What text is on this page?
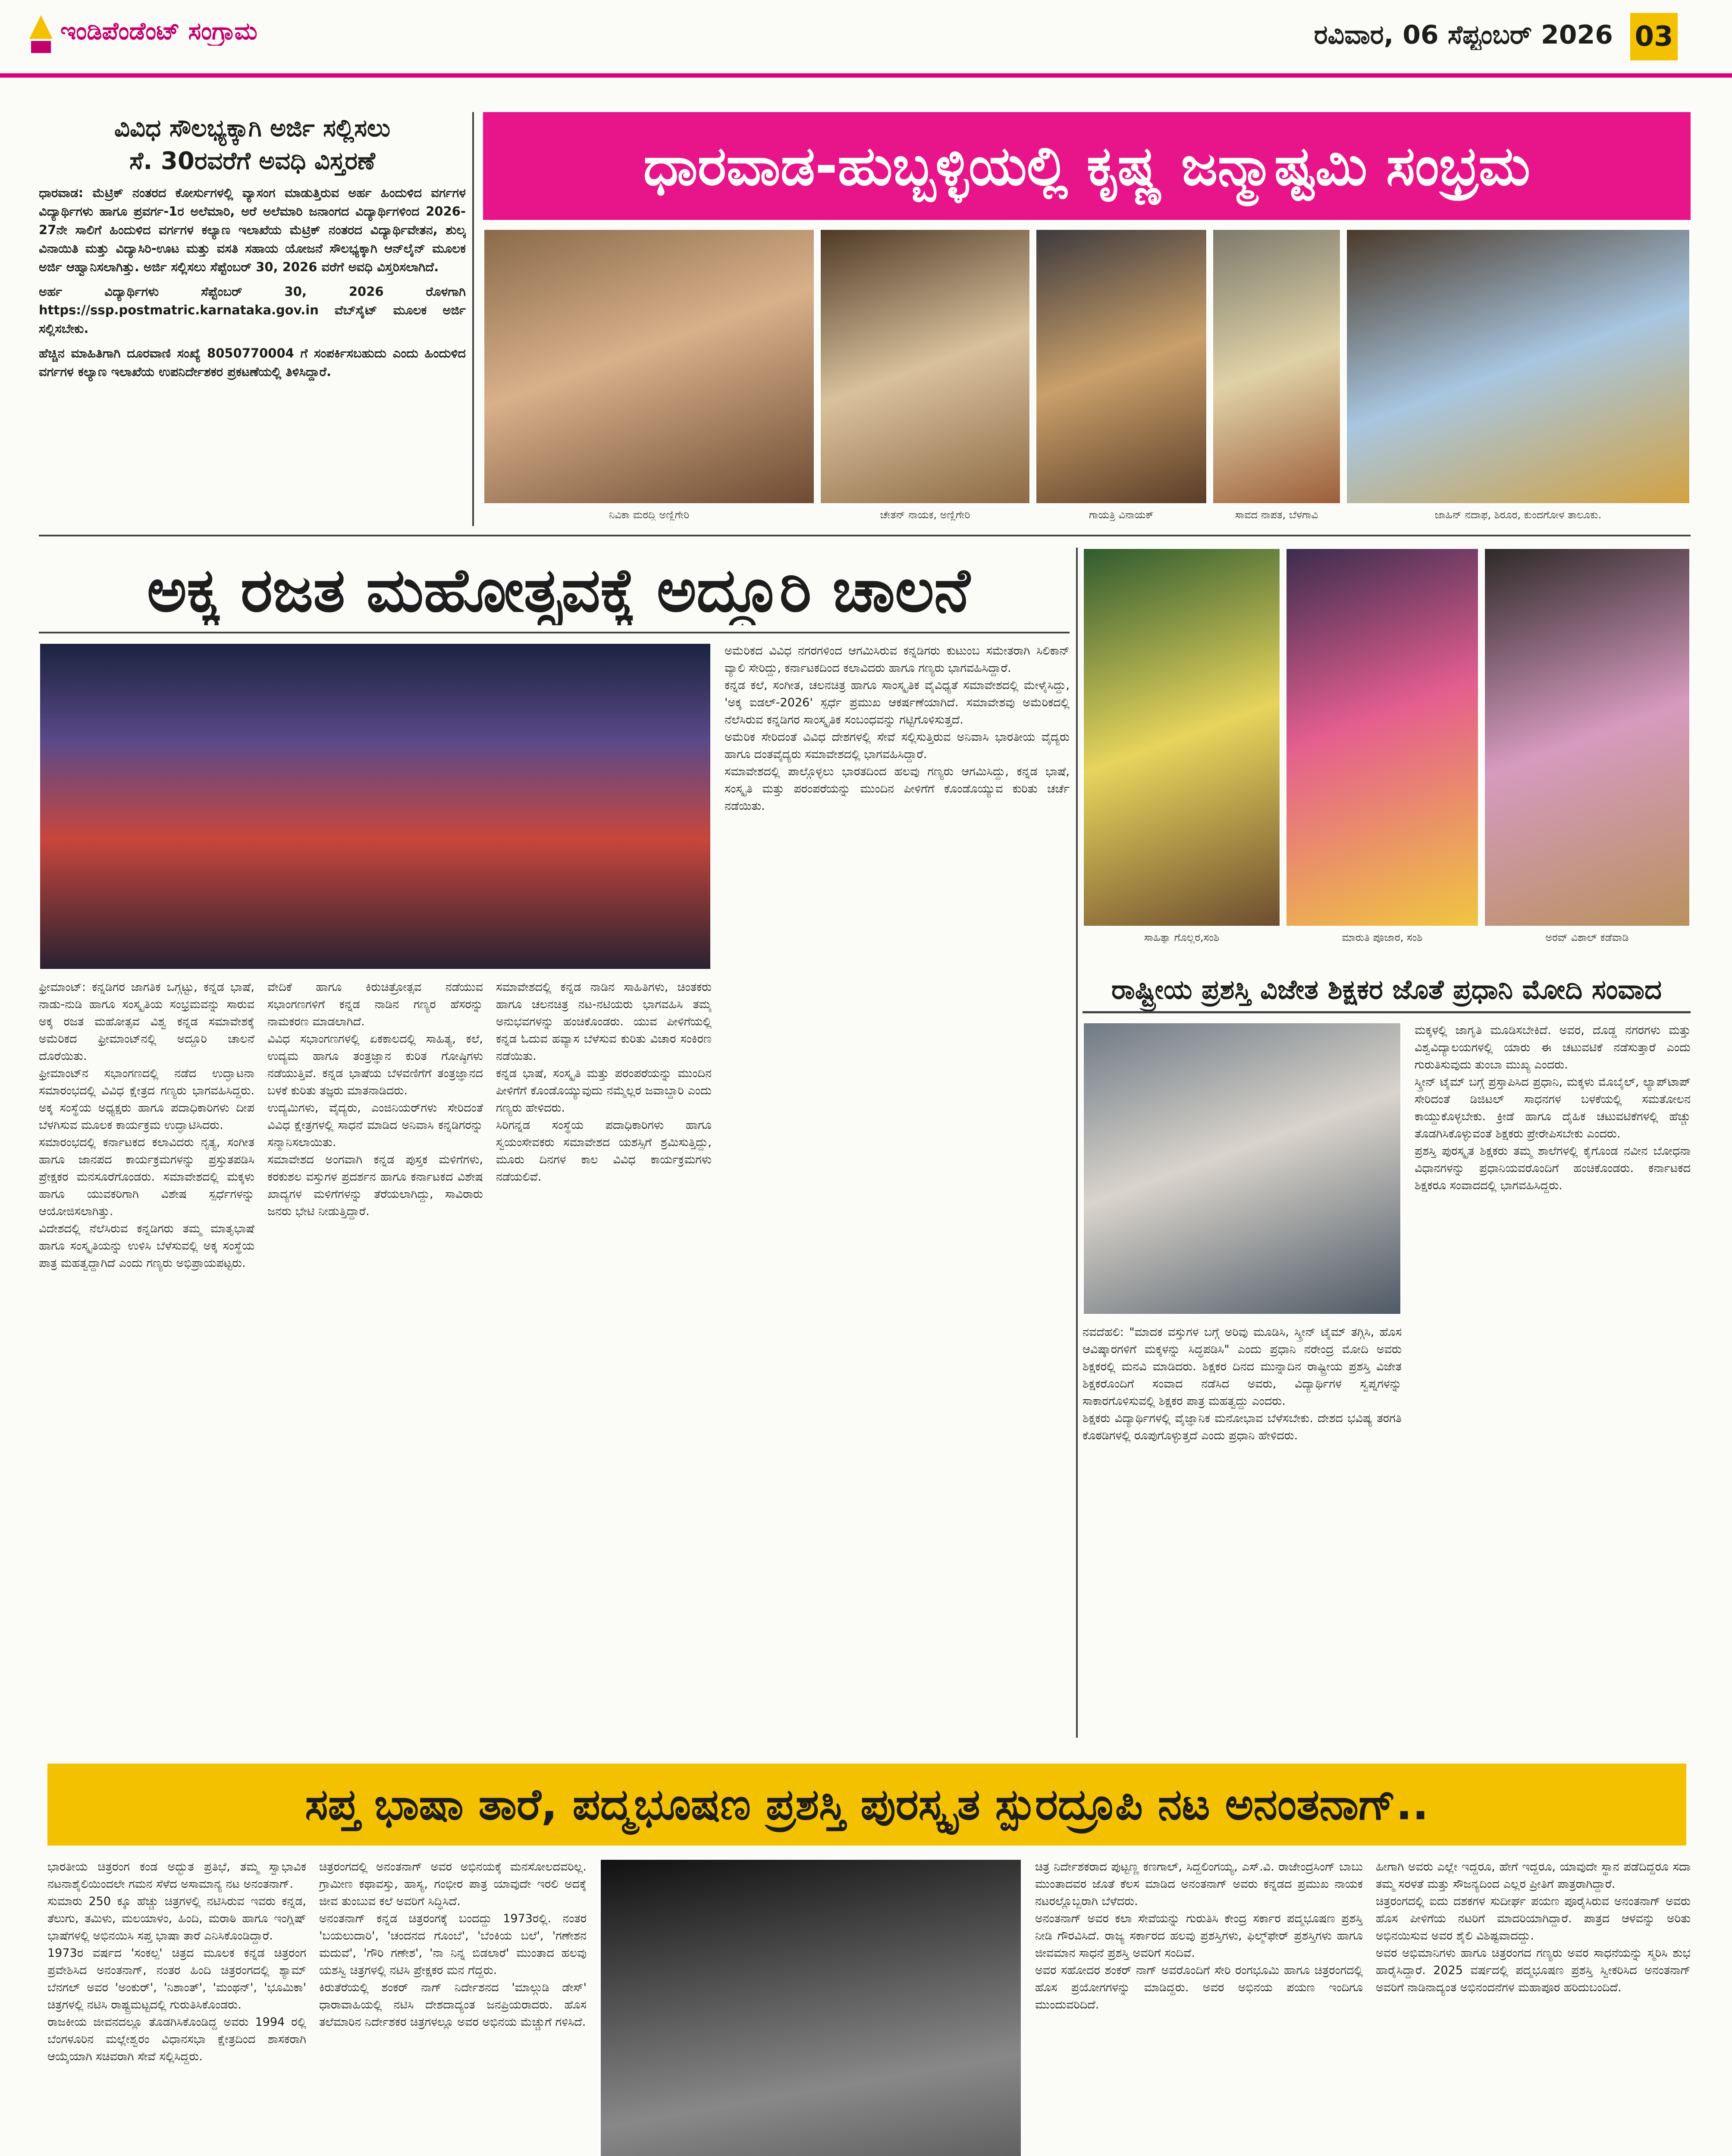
ಇಂಡಿಪೆಂಡೆಂಟ್ ಸಂಗ್ರಾಮ	ರವಿವಾರ, 06 ಸೆಪ್ಟಂಬರ್ 2026 03

ವಿವಿಧ ಸೌಲಭ್ಯಕ್ಕಾಗಿ ಅರ್ಜಿ ಸಲ್ಲಿಸಲು

ಸೆ. 30ರವರೆಗೆ ಅವಧಿ ವಿಸ್ತರಣೆ

ಧಾರವಾಡ: ಮೆಟ್ರಿಕ್ ನಂತರದ ಕೋರ್ಸುಗಳಲ್ಲಿ ವ್ಯಾಸಂಗ ಮಾಡುತ್ತಿರುವ ಅರ್ಹ ಹಿಂದುಳಿದ ವರ್ಗಗಳ ವಿದ್ಯಾರ್ಥಿಗಳು ಹಾಗೂ ಪ್ರವರ್ಗ-1ರ ಅಲೆಮಾರಿ, ಅರೆ ಅಲೆಮಾರಿ ಜನಾಂಗದ ವಿದ್ಯಾರ್ಥಿಗಳಿಂದ 2026-27ನೇ ಸಾಲಿಗೆ ಹಿಂದುಳಿದ ವರ್ಗಗಳ ಕಲ್ಯಾಣ ಇಲಾಖೆಯ ಮೆಟ್ರಿಕ್ ನಂತರದ ವಿದ್ಯಾರ್ಥಿವೇತನ, ಶುಲ್ಕ ವಿನಾಯಿತಿ ಮತ್ತು ವಿದ್ಯಾಸಿರಿ-ಊಟ ಮತ್ತು ವಸತಿ ಸಹಾಯ ಯೋಜನೆ ಸೌಲಭ್ಯಕ್ಕಾಗಿ ಆನ್‌ಲೈನ್ ಮೂಲಕ ಅರ್ಜಿ ಆಹ್ವಾನಿಸಲಾಗಿತ್ತು. ಅರ್ಜಿ ಸಲ್ಲಿಸಲು ಸೆಪ್ಟೆಂಬರ್ 30, 2026 ವರೆಗೆ ಅವಧಿ ವಿಸ್ತರಿಸಲಾಗಿದೆ.

ಅರ್ಹ ವಿದ್ಯಾರ್ಥಿಗಳು ಸೆಪ್ಟೆಂಬರ್ 30, 2026 ರೊಳಗಾಗಿ https://ssp.postmatric.karnataka.gov.in ವೆಬ್‌ಸೈಟ್ ಮೂಲಕ ಅರ್ಜಿ ಸಲ್ಲಿಸಬೇಕು.

ಹೆಚ್ಚಿನ ಮಾಹಿತಿಗಾಗಿ ದೂರವಾಣಿ ಸಂಖ್ಯೆ 8050770004 ಗೆ ಸಂಪರ್ಕಿಸಬಹುದು ಎಂದು ಹಿಂದುಳಿದ ವರ್ಗಗಳ ಕಲ್ಯಾಣ ಇಲಾಖೆಯ ಉಪನಿರ್ದೇಶಕರ ಪ್ರಕಟಣೆಯಲ್ಲಿ ತಿಳಿಸಿದ್ದಾರೆ.

ಧಾರವಾಡ-ಹುಬ್ಬಳ್ಳಿಯಲ್ಲಿ ಕೃಷ್ಣ ಜನ್ಮಾಷ್ಟಮಿ ಸಂಭ್ರಮ
ನಿವಿಕಾ ಮರದ್ದಿ ಅಣ್ಣಿಗೇರಿ	ಚೇತನ್ ನಾಯಕ, ಅಣ್ಣಿಗೇರಿ	ಗಾಯತ್ರಿ ವಿನಾಯಕ್	ಸಾವದ ನಾಪತ, ಬೆಳಗಾವಿ	ಜಾಹಿನ್ ನದಾಫ, ಶಿರೂರ, ಕುಂದಗೋಳ ತಾಲೂಕು.
ಸಾಹಿತ್ಯಾ ಗೊಲ್ಲರ,ಸಂಶಿ	ಮಾರುತಿ ಪೂಜಾರ, ಸಂಶಿ	ಅರವ್ ವಿಶಾಲ್ ಕಡೆವಾಡಿ
ಅಕ್ಕ ರಜತ ಮಹೋತ್ಸವಕ್ಕೆ ಅದ್ದೂರಿ ಚಾಲನೆ
ಅಮೆರಿಕದ ವಿವಿಧ ನಗರಗಳಿಂದ ಆಗಮಿಸಿರುವ ಕನ್ನಡಿಗರು ಕುಟುಂಬ ಸಮೇತರಾಗಿ ಸಿಲಿಕಾನ್ ವ್ಯಾಲಿ ಸೇರಿದ್ದು, ಕರ್ನಾಟಕದಿಂದ ಕಲಾವಿದರು ಹಾಗೂ ಗಣ್ಯರು ಭಾಗವಹಿಸಿದ್ದಾರೆ.
ಕನ್ನಡ ಕಲೆ, ಸಂಗೀತ, ಚಲನಚಿತ್ರ ಹಾಗೂ ಸಾಂಸ್ಕೃತಿಕ ವೈವಿಧ್ಯತೆ ಸಮಾವೇಶದಲ್ಲಿ ಮೇಳೈಸಿದ್ದು, 'ಅಕ್ಕ ಐಡಲ್-2026' ಸ್ಪರ್ಧೆ ಪ್ರಮುಖ ಆಕರ್ಷಣೆಯಾಗಿದೆ. ಸಮಾವೇಶವು ಅಮೆರಿಕದಲ್ಲಿ ನೆಲೆಸಿರುವ ಕನ್ನಡಿಗರ ಸಾಂಸ್ಕೃತಿಕ ಸಂಬಂಧವನ್ನು ಗಟ್ಟಿಗೊಳಿಸುತ್ತದೆ.
ಅಮೆರಿಕ ಸೇರಿದಂತೆ ವಿವಿಧ ದೇಶಗಳಲ್ಲಿ ಸೇವೆ ಸಲ್ಲಿಸುತ್ತಿರುವ ಅನಿವಾಸಿ ಭಾರತೀಯ ವೈದ್ಯರು ಹಾಗೂ ದಂತವೈದ್ಯರು ಸಮಾವೇಶದಲ್ಲಿ ಭಾಗವಹಿಸಿದ್ದಾರೆ.
ಸಮಾವೇಶದಲ್ಲಿ ಪಾಲ್ಗೊಳ್ಳಲು ಭಾರತದಿಂದ ಹಲವು ಗಣ್ಯರು ಆಗಮಿಸಿದ್ದು, ಕನ್ನಡ ಭಾಷೆ, ಸಂಸ್ಕೃತಿ ಮತ್ತು ಪರಂಪರೆಯನ್ನು ಮುಂದಿನ ಪೀಳಿಗೆಗೆ ಕೊಂಡೊಯ್ಯುವ ಕುರಿತು ಚರ್ಚೆ ನಡೆಯಿತು.
ಫ್ರೀಮಾಂಟ್: ಕನ್ನಡಿಗರ ಜಾಗತಿಕ ಒಗ್ಗಟ್ಟು, ಕನ್ನಡ ಭಾಷೆ, ನಾಡು-ನುಡಿ ಹಾಗೂ ಸಂಸ್ಕೃತಿಯ ಸಂಭ್ರಮವನ್ನು ಸಾರುವ ಅಕ್ಕ ರಜತ ಮಹೋತ್ಸವ ವಿಶ್ವ ಕನ್ನಡ ಸಮಾವೇಶಕ್ಕೆ ಅಮೆರಿಕದ ಫ್ರೀಮಾಂಟ್‌ನಲ್ಲಿ ಅದ್ದೂರಿ ಚಾಲನೆ ದೊರೆಯಿತು.
ಫ್ರೀಮಾಂಟ್‌ನ ಸಭಾಂಗಣದಲ್ಲಿ ನಡೆದ ಉದ್ಘಾಟನಾ ಸಮಾರಂಭದಲ್ಲಿ ವಿವಿಧ ಕ್ಷೇತ್ರದ ಗಣ್ಯರು ಭಾಗವಹಿಸಿದ್ದರು. ಅಕ್ಕ ಸಂಸ್ಥೆಯ ಅಧ್ಯಕ್ಷರು ಹಾಗೂ ಪದಾಧಿಕಾರಿಗಳು ದೀಪ ಬೆಳಗಿಸುವ ಮೂಲಕ ಕಾರ್ಯಕ್ರಮ ಉದ್ಘಾಟಿಸಿದರು.
ಸಮಾರಂಭದಲ್ಲಿ ಕರ್ನಾಟಕದ ಕಲಾವಿದರು ನೃತ್ಯ, ಸಂಗೀತ ಹಾಗೂ ಜಾನಪದ ಕಾರ್ಯಕ್ರಮಗಳನ್ನು ಪ್ರಸ್ತುತಪಡಿಸಿ ಪ್ರೇಕ್ಷಕರ ಮನಸೂರೆಗೊಂಡರು. ಸಮಾವೇಶದಲ್ಲಿ ಮಕ್ಕಳು ಹಾಗೂ ಯುವಕರಿಗಾಗಿ ವಿಶೇಷ ಸ್ಪರ್ಧೆಗಳನ್ನು ಆಯೋಜಿಸಲಾಗಿತ್ತು.
ವಿದೇಶದಲ್ಲಿ ನೆಲೆಸಿರುವ ಕನ್ನಡಿಗರು ತಮ್ಮ ಮಾತೃಭಾಷೆ ಹಾಗೂ ಸಂಸ್ಕೃತಿಯನ್ನು ಉಳಿಸಿ ಬೆಳೆಸುವಲ್ಲಿ ಅಕ್ಕ ಸಂಸ್ಥೆಯ ಪಾತ್ರ ಮಹತ್ವದ್ದಾಗಿದೆ ಎಂದು ಗಣ್ಯರು ಅಭಿಪ್ರಾಯಪಟ್ಟರು.
ವೇದಿಕೆ ಹಾಗೂ ಕಿರುಚಿತ್ರೋತ್ಸವ ನಡೆಯುವ ಸಭಾಂಗಣಗಳಿಗೆ ಕನ್ನಡ ನಾಡಿನ ಗಣ್ಯರ ಹೆಸರನ್ನು ನಾಮಕರಣ ಮಾಡಲಾಗಿದೆ.
ವಿವಿಧ ಸಭಾಂಗಣಗಳಲ್ಲಿ ಏಕಕಾಲದಲ್ಲಿ ಸಾಹಿತ್ಯ, ಕಲೆ, ಉದ್ಯಮ ಹಾಗೂ ತಂತ್ರಜ್ಞಾನ ಕುರಿತ ಗೋಷ್ಠಿಗಳು ನಡೆಯುತ್ತಿವೆ. ಕನ್ನಡ ಭಾಷೆಯ ಬೆಳವಣಿಗೆಗೆ ತಂತ್ರಜ್ಞಾನದ ಬಳಕೆ ಕುರಿತು ತಜ್ಞರು ಮಾತನಾಡಿದರು.
ಉದ್ಯಮಿಗಳು, ವೈದ್ಯರು, ಎಂಜಿನಿಯರ್‌ಗಳು ಸೇರಿದಂತೆ ವಿವಿಧ ಕ್ಷೇತ್ರಗಳಲ್ಲಿ ಸಾಧನೆ ಮಾಡಿದ ಅನಿವಾಸಿ ಕನ್ನಡಿಗರನ್ನು ಸನ್ಮಾನಿಸಲಾಯಿತು.
ಸಮಾವೇಶದ ಅಂಗವಾಗಿ ಕನ್ನಡ ಪುಸ್ತಕ ಮಳಿಗೆಗಳು, ಕರಕುಶಲ ವಸ್ತುಗಳ ಪ್ರದರ್ಶನ ಹಾಗೂ ಕರ್ನಾಟಕದ ವಿಶೇಷ ಖಾದ್ಯಗಳ ಮಳಿಗೆಗಳನ್ನು ತೆರೆಯಲಾಗಿದ್ದು, ಸಾವಿರಾರು ಜನರು ಭೇಟಿ ನೀಡುತ್ತಿದ್ದಾರೆ.
ಸಮಾವೇಶದಲ್ಲಿ ಕನ್ನಡ ನಾಡಿನ ಸಾಹಿತಿಗಳು, ಚಿಂತಕರು ಹಾಗೂ ಚಲನಚಿತ್ರ ನಟ-ನಟಿಯರು ಭಾಗವಹಿಸಿ ತಮ್ಮ ಅನುಭವಗಳನ್ನು ಹಂಚಿಕೊಂಡರು. ಯುವ ಪೀಳಿಗೆಯಲ್ಲಿ ಕನ್ನಡ ಓದುವ ಹವ್ಯಾಸ ಬೆಳೆಸುವ ಕುರಿತು ವಿಚಾರ ಸಂಕಿರಣ ನಡೆಯಿತು.
ಕನ್ನಡ ಭಾಷೆ, ಸಂಸ್ಕೃತಿ ಮತ್ತು ಪರಂಪರೆಯನ್ನು ಮುಂದಿನ ಪೀಳಿಗೆಗೆ ಕೊಂಡೊಯ್ಯುವುದು ನಮ್ಮೆಲ್ಲರ ಜವಾಬ್ದಾರಿ ಎಂದು ಗಣ್ಯರು ಹೇಳಿದರು.
ಸಿರಿಗನ್ನಡ ಸಂಸ್ಥೆಯ ಪದಾಧಿಕಾರಿಗಳು ಹಾಗೂ ಸ್ವಯಂಸೇವಕರು ಸಮಾವೇಶದ ಯಶಸ್ಸಿಗೆ ಶ್ರಮಿಸುತ್ತಿದ್ದು, ಮೂರು ದಿನಗಳ ಕಾಲ ವಿವಿಧ ಕಾರ್ಯಕ್ರಮಗಳು ನಡೆಯಲಿವೆ.
ರಾಷ್ಟ್ರೀಯ ಪ್ರಶಸ್ತಿ ವಿಜೇತ ಶಿಕ್ಷಕರ ಜೊತೆ ಪ್ರಧಾನಿ ಮೋದಿ ಸಂವಾದ
ನವದೆಹಲಿ: "ಮಾದಕ ವಸ್ತುಗಳ ಬಗ್ಗೆ ಅರಿವು ಮೂಡಿಸಿ, ಸ್ಕ್ರೀನ್ ಟೈಮ್ ತಗ್ಗಿಸಿ, ಹೊಸ ಆವಿಷ್ಕಾರಗಳಿಗೆ ಮಕ್ಕಳನ್ನು ಸಿದ್ಧಪಡಿಸಿ" ಎಂದು ಪ್ರಧಾನಿ ನರೇಂದ್ರ ಮೋದಿ ಅವರು ಶಿಕ್ಷಕರಲ್ಲಿ ಮನವಿ ಮಾಡಿದರು. ಶಿಕ್ಷಕರ ದಿನದ ಮುನ್ನಾದಿನ ರಾಷ್ಟ್ರೀಯ ಪ್ರಶಸ್ತಿ ವಿಜೇತ ಶಿಕ್ಷಕರೊಂದಿಗೆ ಸಂವಾದ ನಡೆಸಿದ ಅವರು, ವಿದ್ಯಾರ್ಥಿಗಳ ಸ್ವಪ್ನಗಳನ್ನು ಸಾಕಾರಗೊಳಿಸುವಲ್ಲಿ ಶಿಕ್ಷಕರ ಪಾತ್ರ ಮಹತ್ವದ್ದು ಎಂದರು.
ಶಿಕ್ಷಕರು ವಿದ್ಯಾರ್ಥಿಗಳಲ್ಲಿ ವೈಜ್ಞಾನಿಕ ಮನೋಭಾವ ಬೆಳೆಸಬೇಕು. ದೇಶದ ಭವಿಷ್ಯ ತರಗತಿ ಕೊಠಡಿಗಳಲ್ಲಿ ರೂಪುಗೊಳ್ಳುತ್ತದೆ ಎಂದು ಪ್ರಧಾನಿ ಹೇಳಿದರು.
ಮಕ್ಕಳಲ್ಲಿ ಜಾಗೃತಿ ಮೂಡಿಸಬೇಕಿದೆ. ಅವರ, ದೊಡ್ಡ ನಗರಗಳು ಮತ್ತು ವಿಶ್ವವಿದ್ಯಾಲಯಗಳಲ್ಲಿ ಯಾರು ಈ ಚಟುವಟಿಕೆ ನಡೆಸುತ್ತಾರೆ ಎಂದು ಗುರುತಿಸುವುದು ತುಂಬಾ ಮುಖ್ಯ ಎಂದರು.
ಸ್ಕ್ರೀನ್ ಟೈಮ್ ಬಗ್ಗೆ ಪ್ರಸ್ತಾಪಿಸಿದ ಪ್ರಧಾನಿ, ಮಕ್ಕಳು ಮೊಬೈಲ್, ಲ್ಯಾಪ್‌ಟಾಪ್ ಸೇರಿದಂತೆ ಡಿಜಿಟಲ್ ಸಾಧನಗಳ ಬಳಕೆಯಲ್ಲಿ ಸಮತೋಲನ ಕಾಯ್ದುಕೊಳ್ಳಬೇಕು. ಕ್ರೀಡೆ ಹಾಗೂ ದೈಹಿಕ ಚಟುವಟಿಕೆಗಳಲ್ಲಿ ಹೆಚ್ಚು ತೊಡಗಿಸಿಕೊಳ್ಳುವಂತೆ ಶಿಕ್ಷಕರು ಪ್ರೇರೇಪಿಸಬೇಕು ಎಂದರು.
ಪ್ರಶಸ್ತಿ ಪುರಸ್ಕೃತ ಶಿಕ್ಷಕರು ತಮ್ಮ ಶಾಲೆಗಳಲ್ಲಿ ಕೈಗೊಂಡ ನವೀನ ಬೋಧನಾ ವಿಧಾನಗಳನ್ನು ಪ್ರಧಾನಿಯವರೊಂದಿಗೆ ಹಂಚಿಕೊಂಡರು. ಕರ್ನಾಟಕದ ಶಿಕ್ಷಕರೂ ಸಂವಾದದಲ್ಲಿ ಭಾಗವಹಿಸಿದ್ದರು.
ಸಪ್ತ ಭಾಷಾ ತಾರೆ, ಪದ್ಮಭೂಷಣ ಪ್ರಶಸ್ತಿ ಪುರಸ್ಕೃತ ಸ್ಪುರದ್ರೂಪಿ ನಟ ಅನಂತನಾಗ್..
ಭಾರತೀಯ ಚಿತ್ರರಂಗ ಕಂಡ ಅದ್ಭುತ ಪ್ರತಿಭೆ, ತಮ್ಮ ಸ್ವಾಭಾವಿಕ ನಟನಾಶೈಲಿಯಿಂದಲೇ ಗಮನ ಸೆಳೆದ ಅಸಾಮಾನ್ಯ ನಟ ಅನಂತನಾಗ್.
ಸುಮಾರು 250 ಕ್ಕೂ ಹೆಚ್ಚು ಚಿತ್ರಗಳಲ್ಲಿ ನಟಿಸಿರುವ ಇವರು ಕನ್ನಡ, ತೆಲುಗು, ತಮಿಳು, ಮಲಯಾಳಂ, ಹಿಂದಿ, ಮರಾಠಿ ಹಾಗೂ ಇಂಗ್ಲಿಷ್ ಭಾಷೆಗಳಲ್ಲಿ ಅಭಿನಯಿಸಿ ಸಪ್ತ ಭಾಷಾ ತಾರೆ ಎನಿಸಿಕೊಂಡಿದ್ದಾರೆ.
1973ರ ವರ್ಷದ 'ಸಂಕಲ್ಪ' ಚಿತ್ರದ ಮೂಲಕ ಕನ್ನಡ ಚಿತ್ರರಂಗ ಪ್ರವೇಶಿಸಿದ ಅನಂತನಾಗ್, ನಂತರ ಹಿಂದಿ ಚಿತ್ರರಂಗದಲ್ಲಿ ಶ್ಯಾಮ್ ಬೆನಗಲ್ ಅವರ 'ಅಂಕುರ್', 'ನಿಶಾಂತ್', 'ಮಂಥನ್', 'ಭೂಮಿಕಾ' ಚಿತ್ರಗಳಲ್ಲಿ ನಟಿಸಿ ರಾಷ್ಟ್ರಮಟ್ಟದಲ್ಲಿ ಗುರುತಿಸಿಕೊಂಡರು.
ರಾಜಕೀಯ ಜೀವನದಲ್ಲೂ ತೊಡಗಿಸಿಕೊಂಡಿದ್ದ ಅವರು 1994 ರಲ್ಲಿ ಬೆಂಗಳೂರಿನ ಮಲ್ಲೇಶ್ವರಂ ವಿಧಾನಸಭಾ ಕ್ಷೇತ್ರದಿಂದ ಶಾಸಕರಾಗಿ ಆಯ್ಕೆಯಾಗಿ ಸಚಿವರಾಗಿ ಸೇವೆ ಸಲ್ಲಿಸಿದ್ದರು.
ಚಿತ್ರರಂಗದಲ್ಲಿ ಅನಂತನಾಗ್ ಅವರ ಅಭಿನಯಕ್ಕೆ ಮನಸೋಲದವರಿಲ್ಲ. ಗ್ರಾಮೀಣ ಕಥಾವಸ್ತು, ಹಾಸ್ಯ, ಗಂಭೀರ ಪಾತ್ರ ಯಾವುದೇ ಇರಲಿ ಅದಕ್ಕೆ ಜೀವ ತುಂಬುವ ಕಲೆ ಅವರಿಗೆ ಸಿದ್ಧಿಸಿದೆ.
ಅನಂತನಾಗ್ ಕನ್ನಡ ಚಿತ್ರರಂಗಕ್ಕೆ ಬಂದದ್ದು 1973ರಲ್ಲಿ. ನಂತರ 'ಬಯಲುದಾರಿ', 'ಚಂದನದ ಗೊಂಬೆ', 'ಬೆಂಕಿಯ ಬಲೆ', 'ಗಣೇಶನ ಮದುವೆ', 'ಗೌರಿ ಗಣೇಶ', 'ನಾ ನಿನ್ನ ಬಿಡಲಾರೆ' ಮುಂತಾದ ಹಲವು ಯಶಸ್ವಿ ಚಿತ್ರಗಳಲ್ಲಿ ನಟಿಸಿ ಪ್ರೇಕ್ಷಕರ ಮನ ಗೆದ್ದರು.
ಕಿರುತೆರೆಯಲ್ಲಿ ಶಂಕರ್ ನಾಗ್ ನಿರ್ದೇಶನದ 'ಮಾಲ್ಗುಡಿ ಡೇಸ್' ಧಾರಾವಾಹಿಯಲ್ಲಿ ನಟಿಸಿ ದೇಶದಾದ್ಯಂತ ಜನಪ್ರಿಯರಾದರು. ಹೊಸ ತಲೆಮಾರಿನ ನಿರ್ದೇಶಕರ ಚಿತ್ರಗಳಲ್ಲೂ ಅವರ ಅಭಿನಯ ಮೆಚ್ಚುಗೆ ಗಳಿಸಿದೆ.
ಚಿತ್ರ ನಿರ್ದೇಶಕರಾದ ಪುಟ್ಟಣ್ಣ ಕಣಗಾಲ್, ಸಿದ್ದಲಿಂಗಯ್ಯ, ಎಸ್.ವಿ. ರಾಜೇಂದ್ರಸಿಂಗ್ ಬಾಬು ಮುಂತಾದವರ ಜೊತೆ ಕೆಲಸ ಮಾಡಿದ ಅನಂತನಾಗ್ ಅವರು ಕನ್ನಡದ ಪ್ರಮುಖ ನಾಯಕ ನಟರಲ್ಲೊಬ್ಬರಾಗಿ ಬೆಳೆದರು.
ಅನಂತನಾಗ್ ಅವರ ಕಲಾ ಸೇವೆಯನ್ನು ಗುರುತಿಸಿ ಕೇಂದ್ರ ಸರ್ಕಾರ ಪದ್ಮಭೂಷಣ ಪ್ರಶಸ್ತಿ ನೀಡಿ ಗೌರವಿಸಿದೆ. ರಾಜ್ಯ ಸರ್ಕಾರದ ಹಲವು ಪ್ರಶಸ್ತಿಗಳು, ಫಿಲ್ಮ್‌ಫೇರ್ ಪ್ರಶಸ್ತಿಗಳು ಹಾಗೂ ಜೀವಮಾನ ಸಾಧನೆ ಪ್ರಶಸ್ತಿ ಅವರಿಗೆ ಸಂದಿವೆ.
ಅವರ ಸಹೋದರ ಶಂಕರ್ ನಾಗ್ ಅವರೊಂದಿಗೆ ಸೇರಿ ರಂಗಭೂಮಿ ಹಾಗೂ ಚಿತ್ರರಂಗದಲ್ಲಿ ಹೊಸ ಪ್ರಯೋಗಗಳನ್ನು ಮಾಡಿದ್ದರು. ಅವರ ಅಭಿನಯ ಪಯಣ ಇಂದಿಗೂ ಮುಂದುವರಿದಿದೆ.
ಹೀಗಾಗಿ ಅವರು ಎಲ್ಲೇ ಇದ್ದರೂ, ಹೇಗೆ ಇದ್ದರೂ, ಯಾವುದೇ ಸ್ಥಾನ ಪಡೆದಿದ್ದರೂ ಸದಾ ತಮ್ಮ ಸರಳತೆ ಮತ್ತು ಸೌಜನ್ಯದಿಂದ ಎಲ್ಲರ ಪ್ರೀತಿಗೆ ಪಾತ್ರರಾಗಿದ್ದಾರೆ.
ಚಿತ್ರರಂಗದಲ್ಲಿ ಐದು ದಶಕಗಳ ಸುದೀರ್ಘ ಪಯಣ ಪೂರೈಸಿರುವ ಅನಂತನಾಗ್ ಅವರು ಹೊಸ ಪೀಳಿಗೆಯ ನಟರಿಗೆ ಮಾದರಿಯಾಗಿದ್ದಾರೆ. ಪಾತ್ರದ ಆಳವನ್ನು ಅರಿತು ಅಭಿನಯಿಸುವ ಅವರ ಶೈಲಿ ವಿಶಿಷ್ಟವಾದದ್ದು.
ಅವರ ಅಭಿಮಾನಿಗಳು ಹಾಗೂ ಚಿತ್ರರಂಗದ ಗಣ್ಯರು ಅವರ ಸಾಧನೆಯನ್ನು ಸ್ಮರಿಸಿ ಶುಭ ಹಾರೈಸಿದ್ದಾರೆ. 2025 ವರ್ಷದಲ್ಲಿ ಪದ್ಮಭೂಷಣ ಪ್ರಶಸ್ತಿ ಸ್ವೀಕರಿಸಿದ ಅನಂತನಾಗ್ ಅವರಿಗೆ ನಾಡಿನಾದ್ಯಂತ ಅಭಿನಂದನೆಗಳ ಮಹಾಪೂರ ಹರಿದುಬಂದಿದೆ.
